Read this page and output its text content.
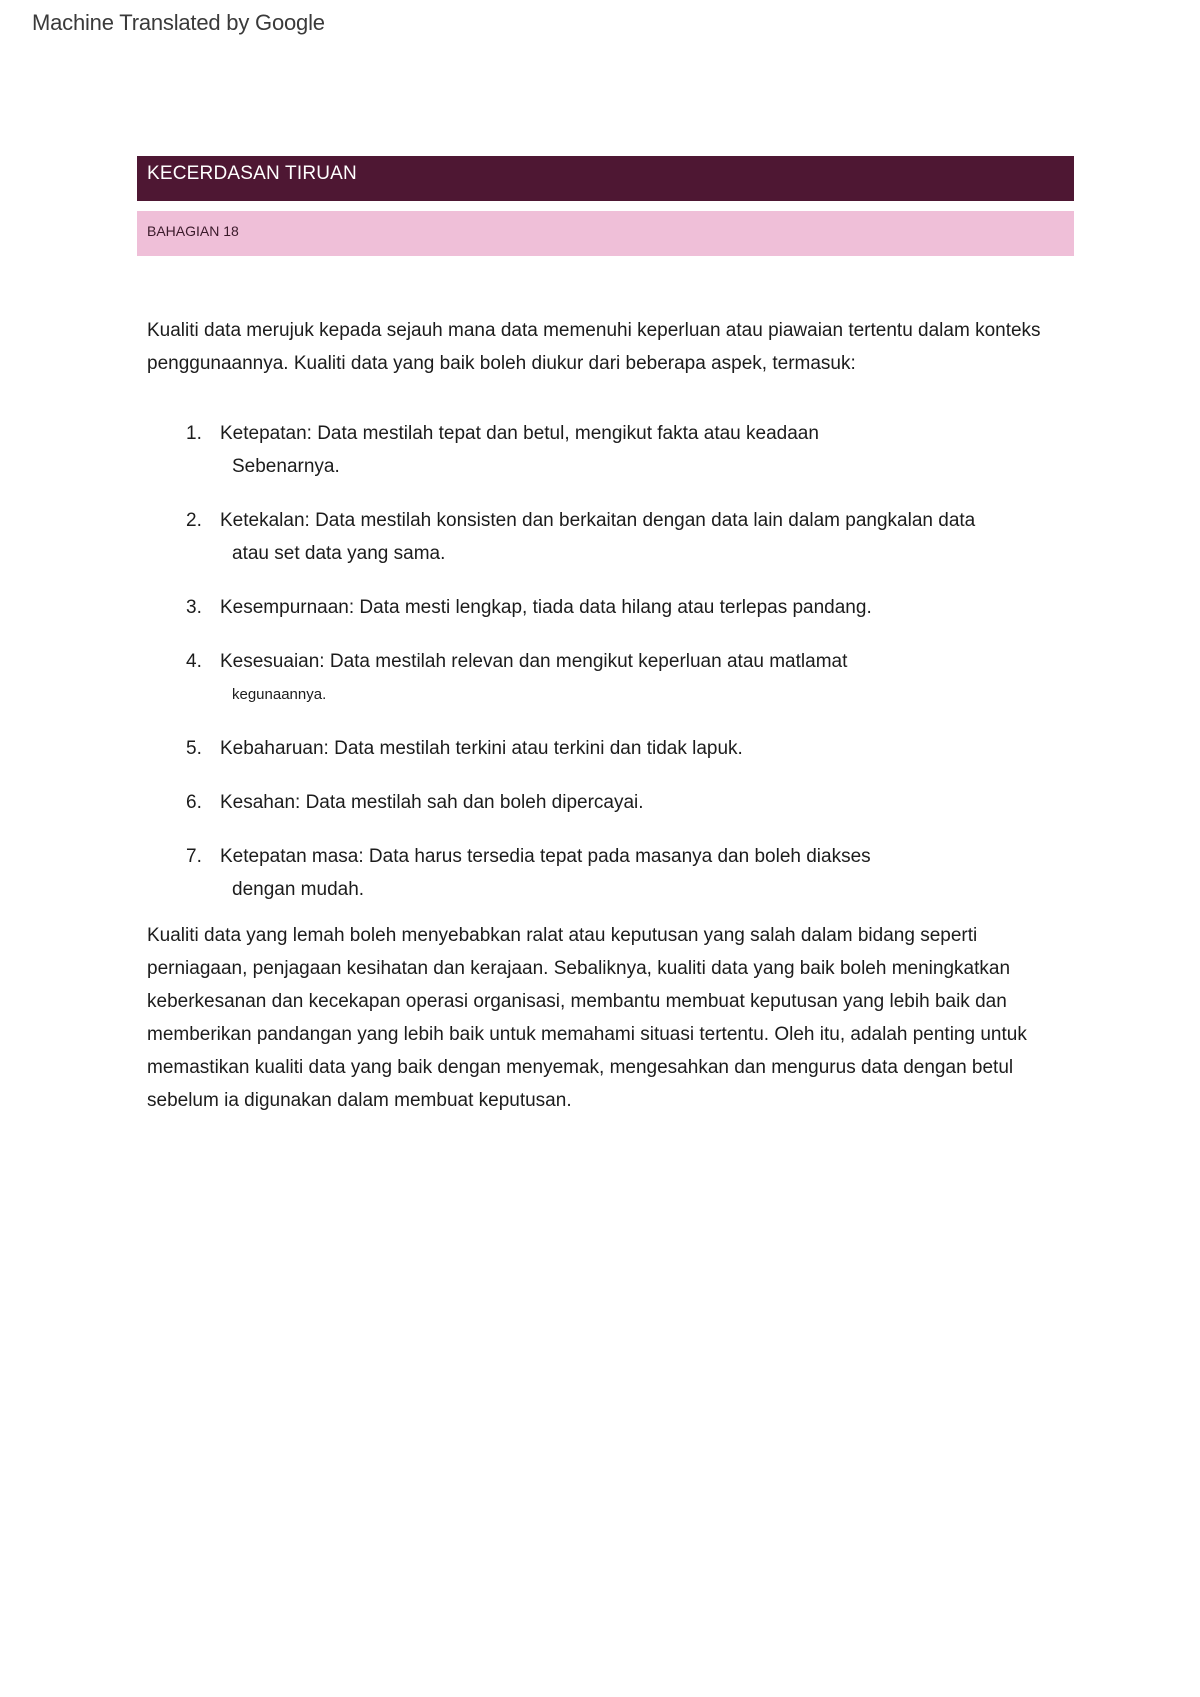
Machine Translated by Google
KECERDASAN TIRUAN
BAHAGIAN 18

Kualiti data merujuk kepada sejauh mana data memenuhi keperluan atau piawaian tertentu dalam konteks penggunaannya. Kualiti data yang baik boleh diukur dari beberapa aspek, termasuk:

1. Ketepatan: Data mestilah tepat dan betul, mengikut fakta atau keadaan
Sebenarnya.
2. Ketekalan: Data mestilah konsisten dan berkaitan dengan data lain dalam pangkalan data
atau set data yang sama.
3. Kesempurnaan: Data mesti lengkap, tiada data hilang atau terlepas pandang.
4. Kesesuaian: Data mestilah relevan dan mengikut keperluan atau matlamat
kegunaannya.
5. Kebaharuan: Data mestilah terkini atau terkini dan tidak lapuk.
6. Kesahan: Data mestilah sah dan boleh dipercayai.
7. Ketepatan masa: Data harus tersedia tepat pada masanya dan boleh diakses
dengan mudah.

Kualiti data yang lemah boleh menyebabkan ralat atau keputusan yang salah dalam bidang seperti perniagaan, penjagaan kesihatan dan kerajaan. Sebaliknya, kualiti data yang baik boleh meningkatkan keberkesanan dan kecekapan operasi organisasi, membantu membuat keputusan yang lebih baik dan memberikan pandangan yang lebih baik untuk memahami situasi tertentu. Oleh itu, adalah penting untuk memastikan kualiti data yang baik dengan menyemak, mengesahkan dan mengurus data dengan betul sebelum ia digunakan dalam membuat keputusan.
